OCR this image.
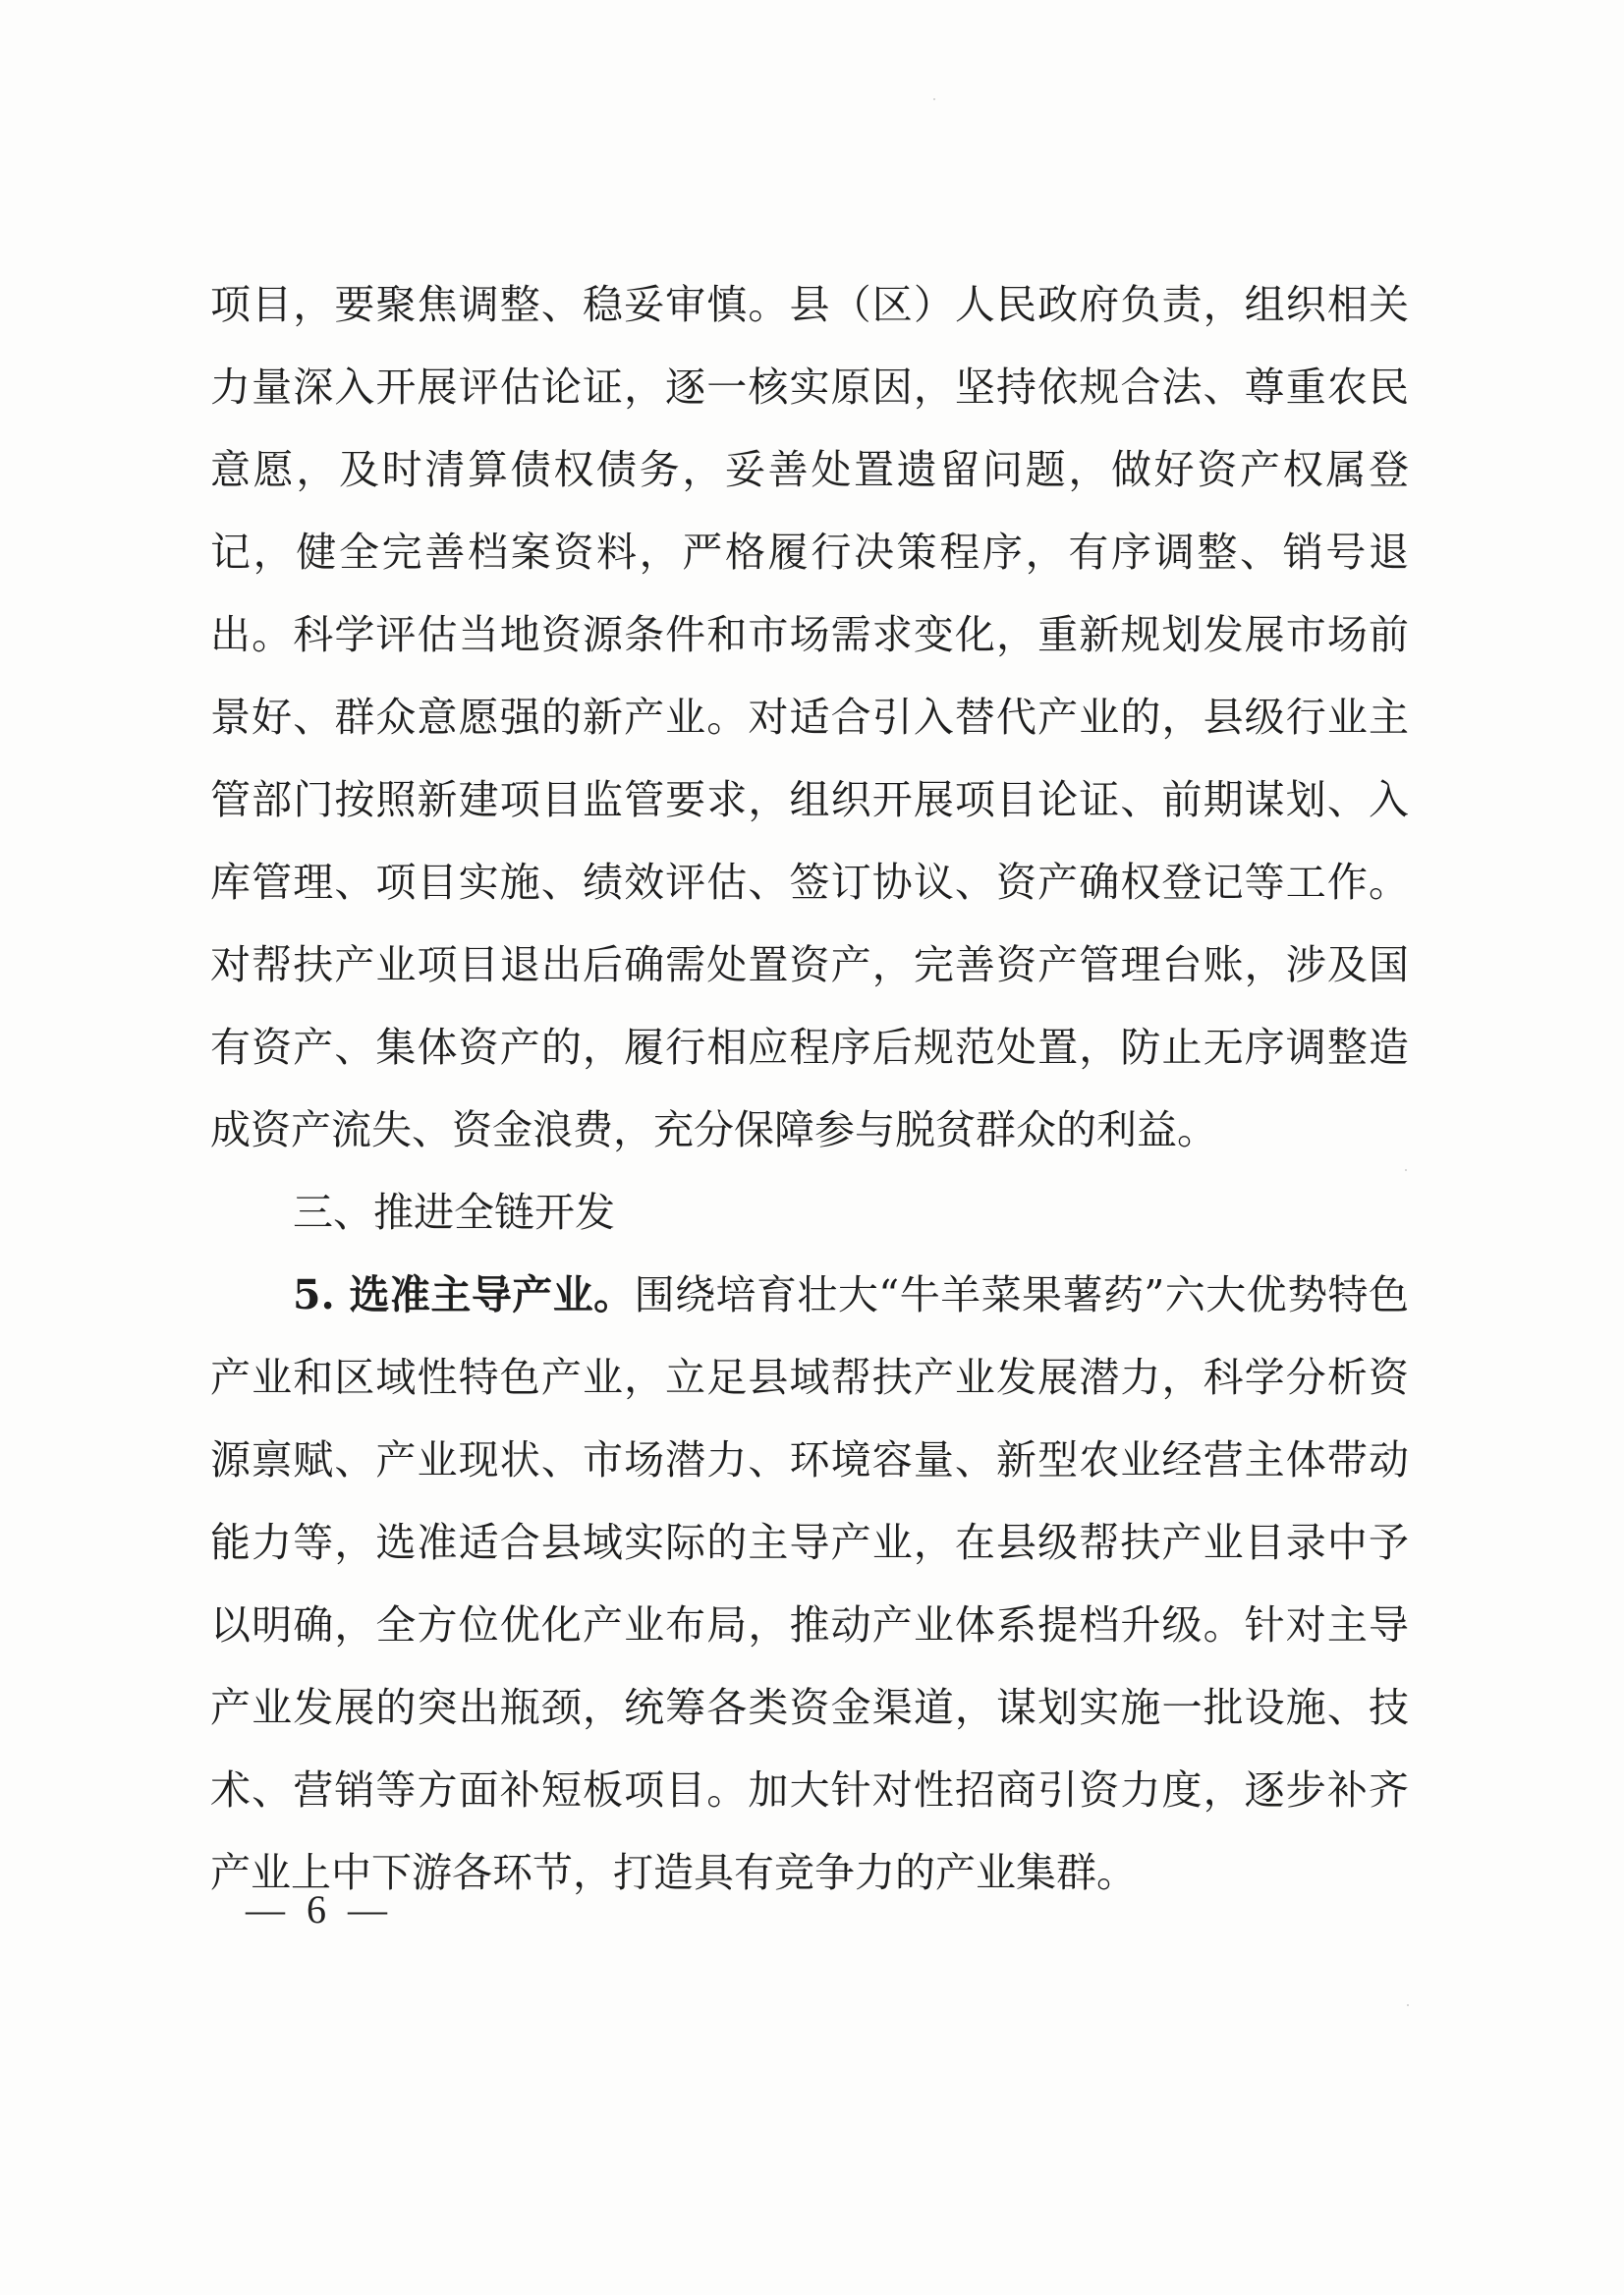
项目，要聚焦调整、稳妥审慎。县（区）人民政府负责，组织相关力量深入开展评估论证，逐一核实原因，坚持依规合法、尊重农民意愿，及时清算债权债务，妥善处置遗留问题，做好资产权属登记，健全完善档案资料，严格履行决策程序，有序调整、销号退出。科学评估当地资源条件和市场需求变化，重新规划发展市场前景好、群众意愿强的新产业。对适合引入替代产业的，县级行业主管部门按照新建项目监管要求，组织开展项目论证、前期谋划、入库管理、项目实施、绩效评估、签订协议、资产确权登记等工作。对帮扶产业项目退出后确需处置资产，完善资产管理台账，涉及国有资产、集体资产的，履行相应程序后规范处置，防止无序调整造成资产流失、资金浪费，充分保障参与脱贫群众的利益。

三、推进全链开发

5. 选准主导产业。围绕培育壮大“牛羊菜果薯药”六大优势特色产业和区域性特色产业，立足县域帮扶产业发展潜力，科学分析资源禀赋、产业现状、市场潜力、环境容量、新型农业经营主体带动能力等，选准适合县域实际的主导产业，在县级帮扶产业目录中予以明确，全方位优化产业布局，推动产业体系提档升级。针对主导产业发展的突出瓶颈，统筹各类资金渠道，谋划实施一批设施、技术、营销等方面补短板项目。加大针对性招商引资力度，逐步补齐产业上中下游各环节，打造具有竞争力的产业集群。

— 6 —
